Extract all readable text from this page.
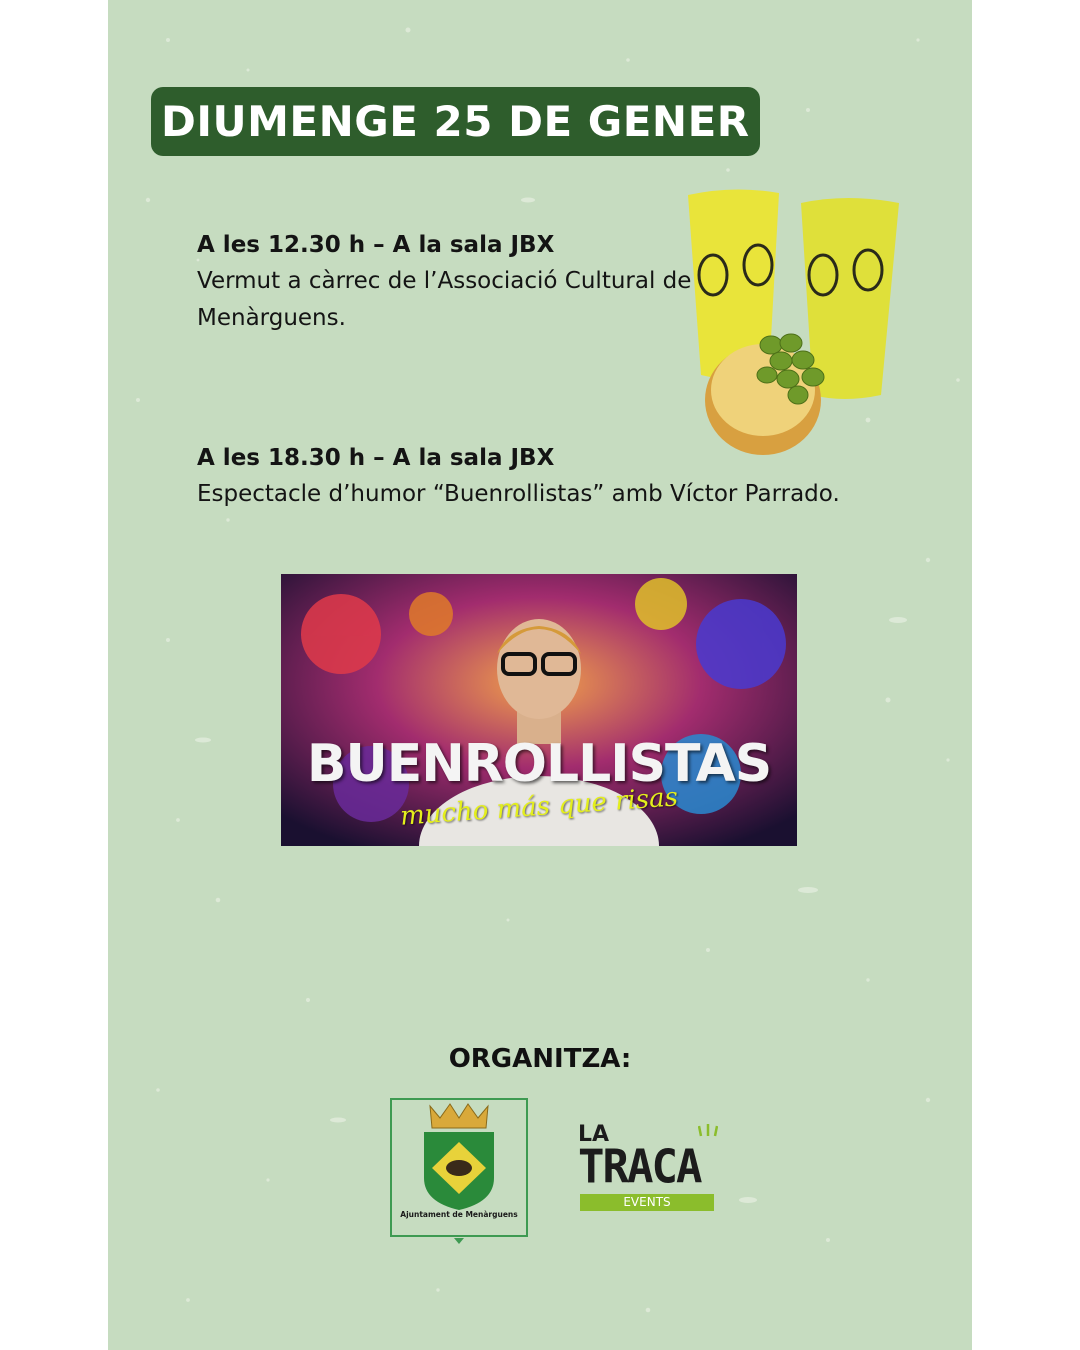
DIUMENGE 25 DE GENER
A les 12.30 h – A la sala JBX
Vermut a càrrec de l’Associació Cultural de Menàrguens.
A les 18.30 h – A la sala JBX
Espectacle d’humor “Buenrollistas” amb Víctor Parrado.
BUENROLLISTAS
mucho más que risas
ORGANITZA:
Ajuntament de Menàrguens
LA
TRACA
EVENTS
